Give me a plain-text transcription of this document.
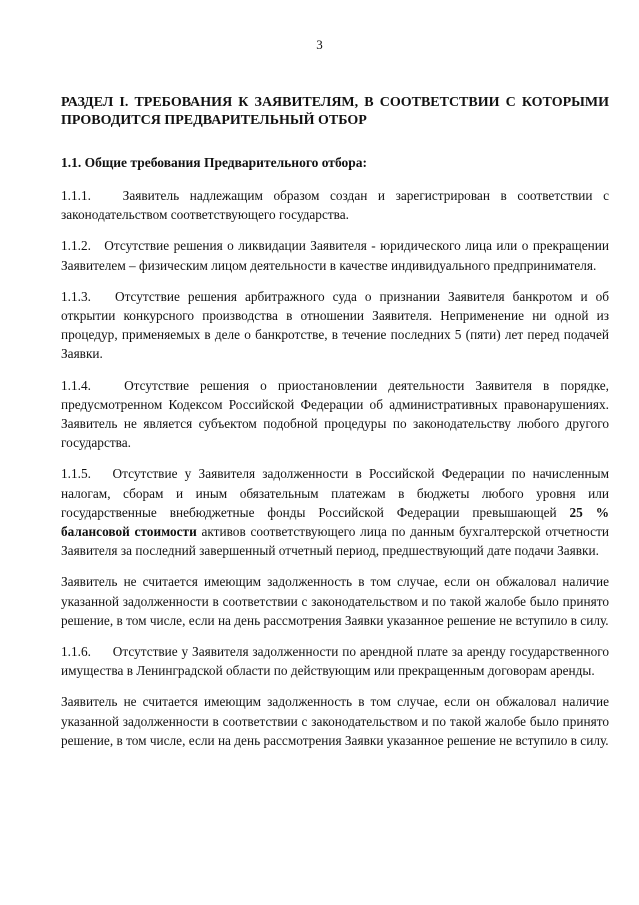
3

РАЗДЕЛ I. ТРЕБОВАНИЯ К ЗАЯВИТЕЛЯМ, В СООТВЕТСТВИИ С КОТОРЫМИ ПРОВОДИТСЯ ПРЕДВАРИТЕЛЬНЫЙ ОТБОР

1.1. Общие требования Предварительного отбора:

1.1.1. Заявитель надлежащим образом создан и зарегистрирован в соответствии с законодательством соответствующего государства.

1.1.2. Отсутствие решения о ликвидации Заявителя - юридического лица или о прекращении Заявителем – физическим лицом деятельности в качестве индивидуального предпринимателя.

1.1.3. Отсутствие решения арбитражного суда о признании Заявителя банкротом и об открытии конкурсного производства в отношении Заявителя. Неприменение ни одной из процедур, применяемых в деле о банкротстве, в течение последних 5 (пяти) лет перед подачей Заявки.

1.1.4. Отсутствие решения о приостановлении деятельности Заявителя в порядке, предусмотренном Кодексом Российской Федерации об административных правонарушениях. Заявитель не является субъектом подобной процедуры по законодательству любого другого государства.

1.1.5. Отсутствие у Заявителя задолженности в Российской Федерации по начисленным налогам, сборам и иным обязательным платежам в бюджеты любого уровня или государственные внебюджетные фонды Российской Федерации превышающей 25 % балансовой стоимости активов соответствующего лица по данным бухгалтерской отчетности Заявителя за последний завершенный отчетный период, предшествующий дате подачи Заявки.

Заявитель не считается имеющим задолженность в том случае, если он обжаловал наличие указанной задолженности в соответствии с законодательством и по такой жалобе было принято решение, в том числе, если на день рассмотрения Заявки указанное решение не вступило в силу.

1.1.6. Отсутствие у Заявителя задолженности по арендной плате за аренду государственного имущества в Ленинградской области по действующим или прекращенным договорам аренды.

Заявитель не считается имеющим задолженность в том случае, если он обжаловал наличие указанной задолженности в соответствии с законодательством и по такой жалобе было принято решение, в том числе, если на день рассмотрения Заявки указанное решение не вступило в силу.
